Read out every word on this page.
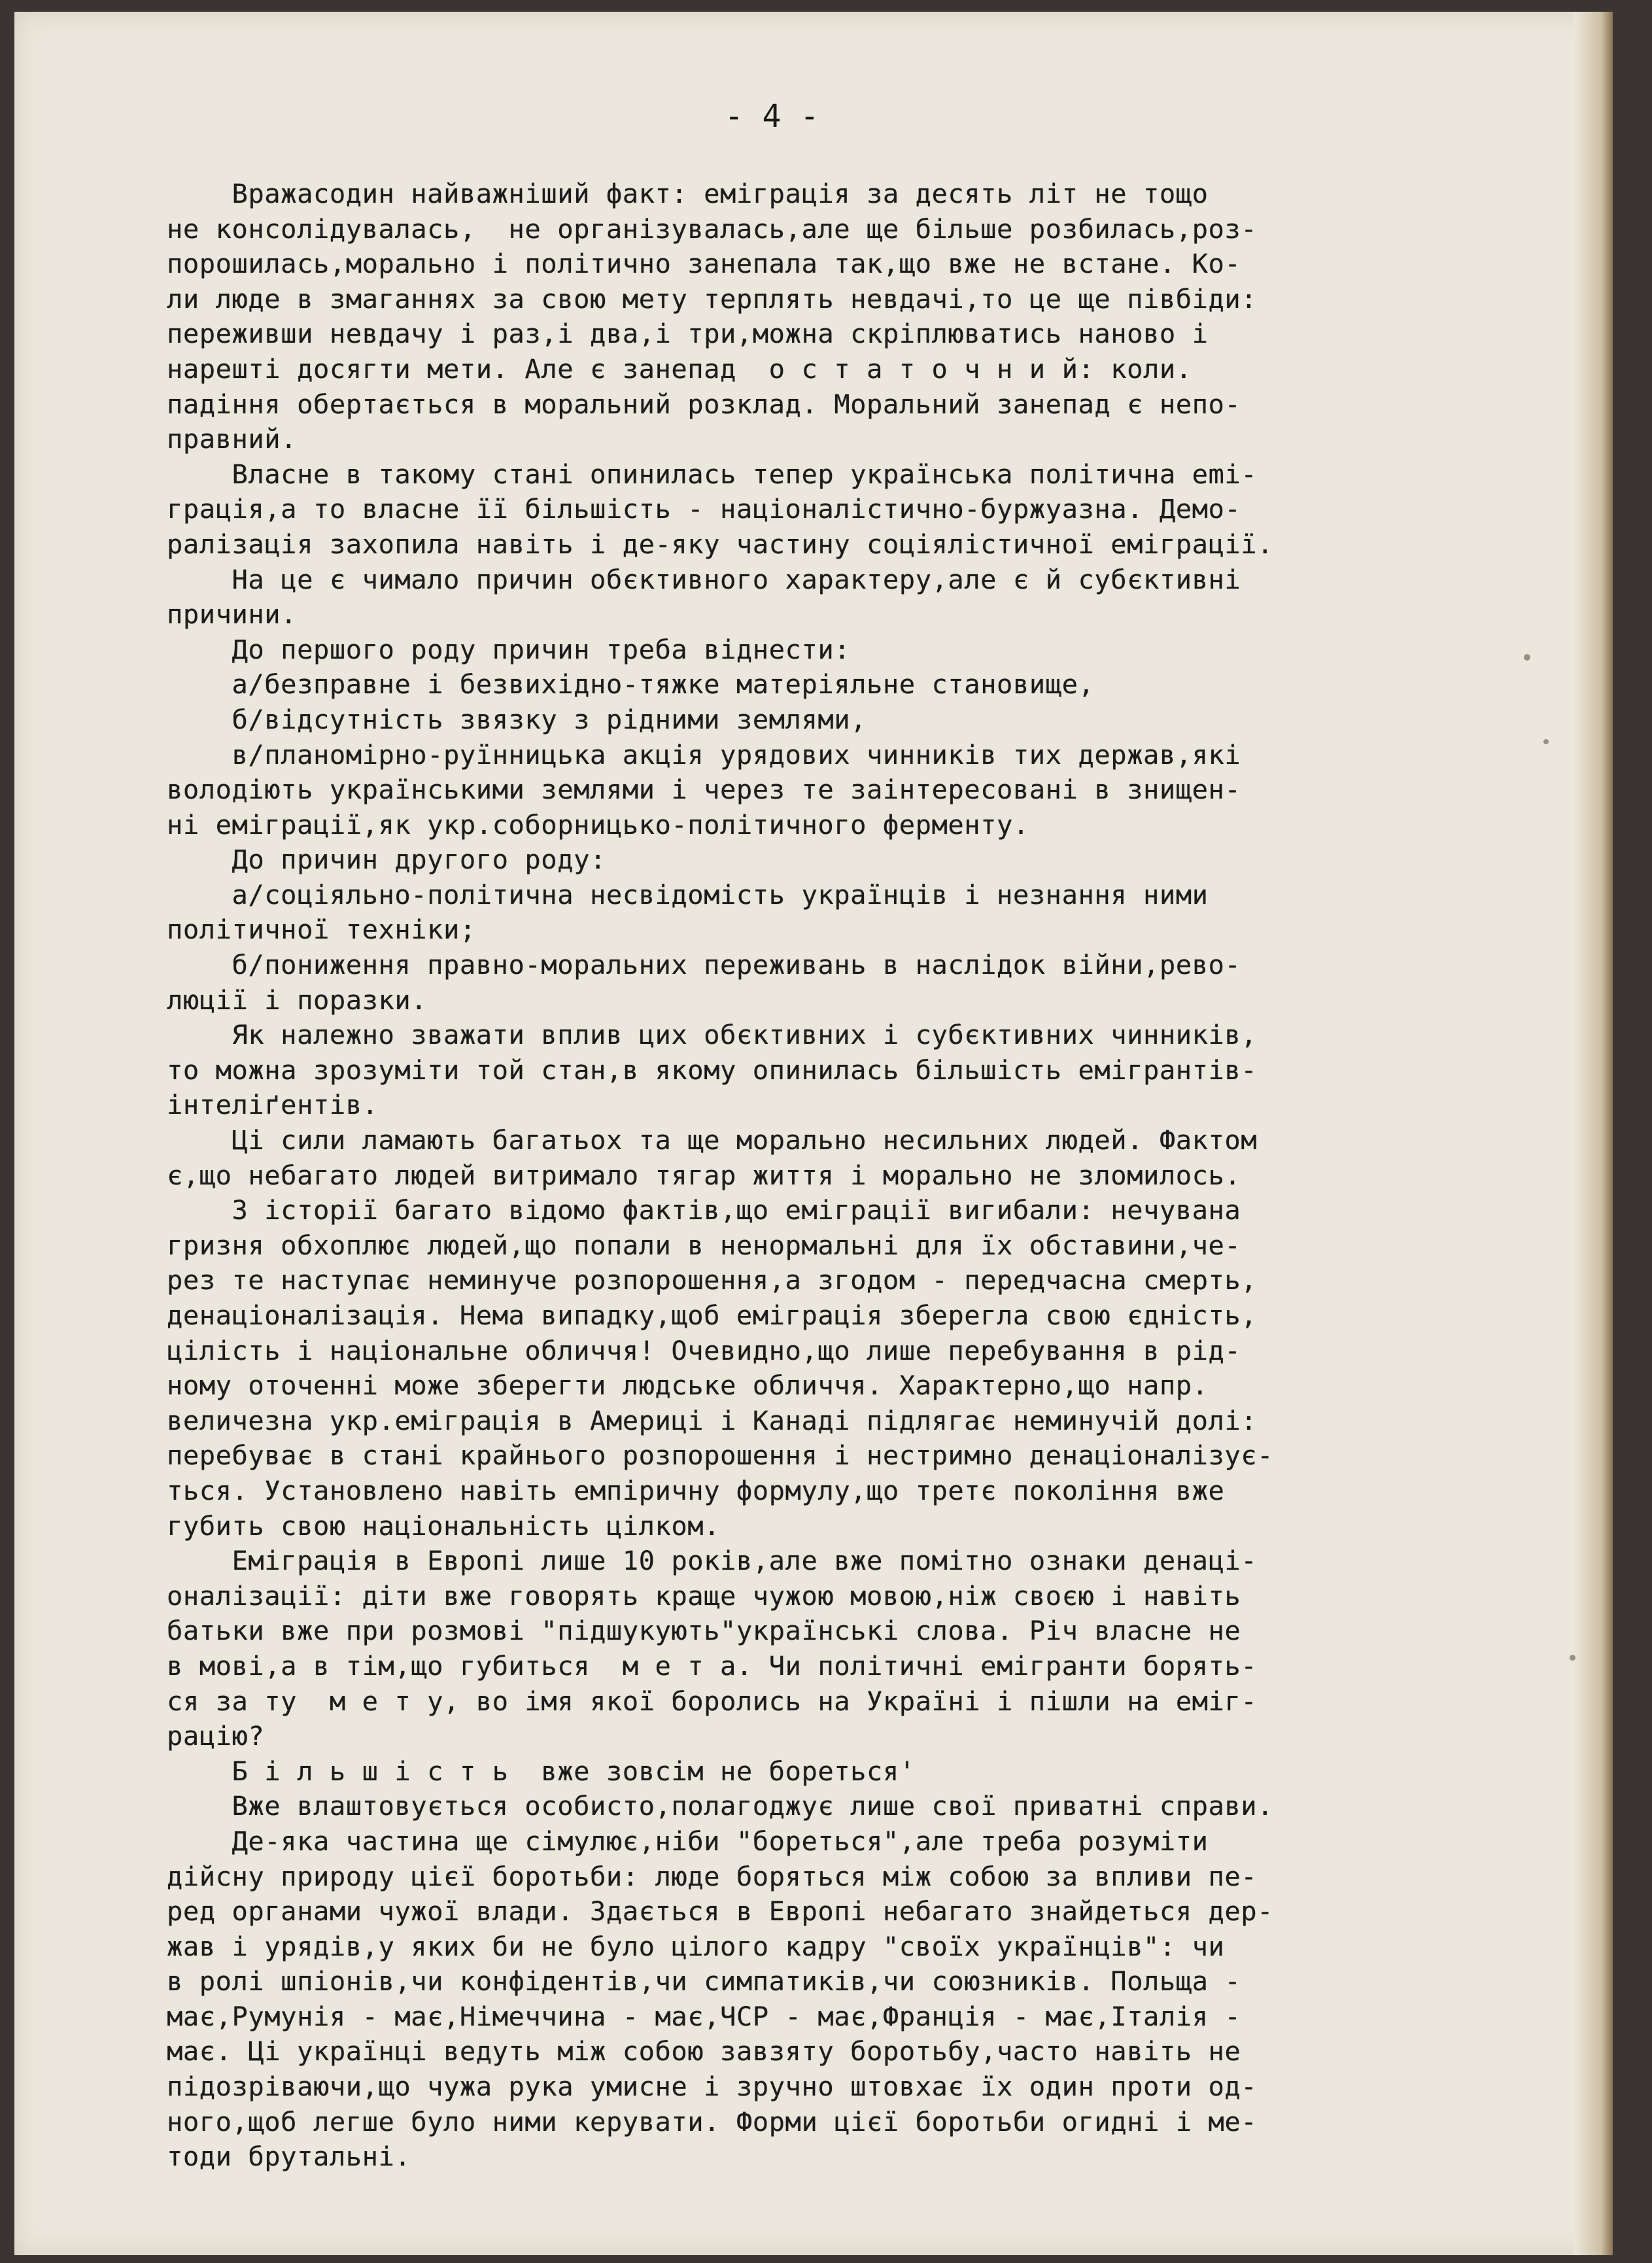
- 4 -
Вражасодин найважніший факт: еміграція за десять літ не тощо
не консолідувалась,  не організувалась,але ще більше розбилась,роз-
порошилась,морально і політично занепала так,що вже не встане. Ко-
ли люде в змаганнях за свою мету терплять невдачі,то це ще півбіди:
переживши невдачу і раз,і два,і три,можна скріплюватись наново і
нарешті досягти мети. Але є занепад  о с т а т о ч н и й: коли.
падіння обертається в моральний розклад. Моральний занепад є непо-
правний.
Власне в такому стані опинилась тепер українська політична emі-
грація,а то власне її більшість - націоналістично-буржуазна. Демо-
ралізація захопила навіть і де-яку частину соціялістичної еміграції.
На це є чимало причин обєктивного характеру,але є й субєктивні
причини.
До першого роду причин треба віднести:
а/безправне і безвихідно-тяжке матеріяльне становище,
б/відсутність звязку з рідними землями,
в/планомірно-руїнницька акція урядових чинників тих держав,які
володіють українськими землями і через те заінтересовані в знищен-
ні еміграції,як укр.соборницько-політичного ферменту.
До причин другого роду:
а/соціяльно-політична несвідомість українців і незнання ними
політичної техніки;
б/пониження правно-моральних переживань в наслідок війни,рево-
люції і поразки.
Як належно зважати вплив цих обєктивних і субєктивних чинників,
то можна зрозуміти той стан,в якому опинилась більшість емігрантів-
інтеліґентів.
Ці сили ламають багатьох та ще морально несильних людей. Фактом
є,що небагато людей витримало тягар життя і морально не зломилось.
З історії багато відомо фактів,що еміграції вигибали: нечувана
гризня обхоплює людей,що попали в ненормальні для їх обставини,че-
рез те наступає неминуче розпорошення,а згодом - передчасна смерть,
денаціоналізація. Нема випадку,щоб еміграція зберегла свою єдність,
цілість і національне обличчя! Очевидно,що лише перебування в рід-
ному оточенні може зберегти людське обличчя. Характерно,що напр.
величезна укр.еміграція в Америці і Канаді підлягає неминучій долі:
перебуває в стані крайнього розпорошення і нестримно денаціоналізує-
ться. Установлено навіть емпіричну формулу,що третє покоління вже
губить свою національність цілком.
Еміграція в Европі лише 10 років,але вже помітно ознаки денаці-
оналізації: діти вже говорять краще чужою мовою,ніж своєю і навіть
батьки вже при розмові "підшукують"українські слова. Річ власне не
в мові,а в тім,що губиться  м е т а. Чи політичні емігранти борять-
ся за ту  м е т у, во імя якої боролись на Україні і пішли на еміг-
рацію?
Б і л ь ш і с т ь  вже зовсім не бореться'
Вже влаштовується особисто,полагоджує лише свої приватні справи.
Де-яка частина ще сімулює,ніби "бореться",але треба розуміти
дійсну природу цієї боротьби: люде борятьcя між собою за впливи пе-
ред органами чужої влади. Здається в Европі небагато знайдеться дер-
жав і урядів,у яких би не було цілого кадру "своїх українців": чи
в ролі шпіонів,чи конфідентів,чи симпатиків,чи союзників. Польща -
має,Румунія - має,Німеччина - має,ЧСР - має,Франція - має,Італія -
має. Ці українці ведуть між собою завзяту боротьбу,часто навіть не
підозріваючи,що чужа рука умисне і зручно штовхає їх один проти од-
ного,щоб легше було ними керувати. Форми цієї боротьби огидні і ме-
тоди брутальні.
